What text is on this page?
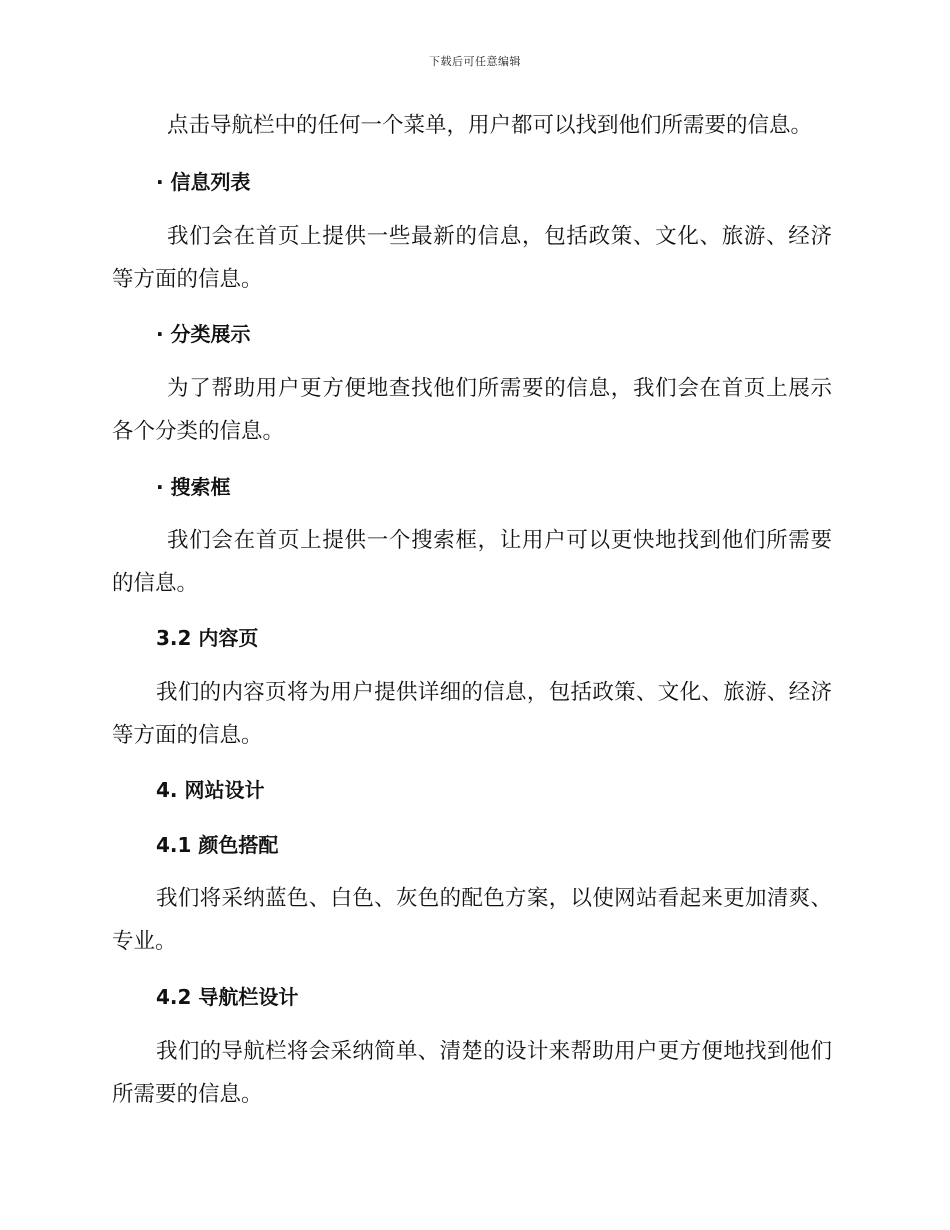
下载后可任意编辑

点击导航栏中的任何一个菜单，用户都可以找到他们所需要的信息。

· 信息列表

我们会在首页上提供一些最新的信息，包括政策、文化、旅游、经济等方面的信息。

· 分类展示

为了帮助用户更方便地查找他们所需要的信息，我们会在首页上展示各个分类的信息。

· 搜索框

我们会在首页上提供一个搜索框，让用户可以更快地找到他们所需要的信息。

3.2 内容页

我们的内容页将为用户提供详细的信息，包括政策、文化、旅游、经济等方面的信息。

4. 网站设计

4.1 颜色搭配

我们将采纳蓝色、白色、灰色的配色方案，以使网站看起来更加清爽、专业。

4.2 导航栏设计

我们的导航栏将会采纳简单、清楚的设计来帮助用户更方便地找到他们所需要的信息。
